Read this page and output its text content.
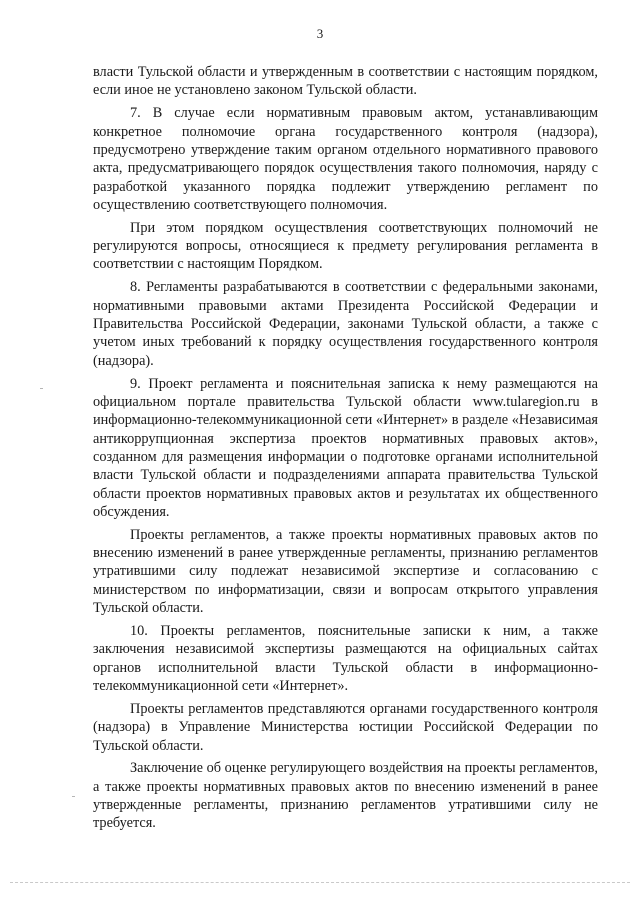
3

власти Тульской области и утвержденным в соответствии с настоящим порядком, если иное не установлено законом Тульской области.

7. В случае если нормативным правовым актом, устанавливающим конкретное полномочие органа государственного контроля (надзора), предусмотрено утверждение таким органом отдельного нормативного правового акта, предусматривающего порядок осуществления такого полномочия, наряду с разработкой указанного порядка подлежит утверждению регламент по осуществлению соответствующего полномочия.

При этом порядком осуществления соответствующих полномочий не регулируются вопросы, относящиеся к предмету регулирования регламента в соответствии с настоящим Порядком.

8. Регламенты разрабатываются в соответствии с федеральными законами, нормативными правовыми актами Президента Российской Федерации и Правительства Российской Федерации, законами Тульской области, а также с учетом иных требований к порядку осуществления государственного контроля (надзора).

9. Проект регламента и пояснительная записка к нему размещаются на официальном портале правительства Тульской области www.tularegion.ru в информационно-телекоммуникационной сети «Интернет» в разделе «Независимая антикоррупционная экспертиза проектов нормативных правовых актов», созданном для размещения информации о подготовке органами исполнительной власти Тульской области и подразделениями аппарата правительства Тульской области проектов нормативных правовых актов и результатах их общественного обсуждения.

Проекты регламентов, а также проекты нормативных правовых актов по внесению изменений в ранее утвержденные регламенты, признанию регламентов утратившими силу подлежат независимой экспертизе и согласованию с министерством по информатизации, связи и вопросам открытого управления Тульской области.

10. Проекты регламентов, пояснительные записки к ним, а также заключения независимой экспертизы размещаются на официальных сайтах органов исполнительной власти Тульской области в информационно-телекоммуникационной сети «Интернет».

Проекты регламентов представляются органами государственного контроля (надзора) в Управление Министерства юстиции Российской Федерации по Тульской области.

Заключение об оценке регулирующего воздействия на проекты регламентов, а также проекты нормативных правовых актов по внесению изменений в ранее утвержденные регламенты, признанию регламентов утратившими силу не требуется.
